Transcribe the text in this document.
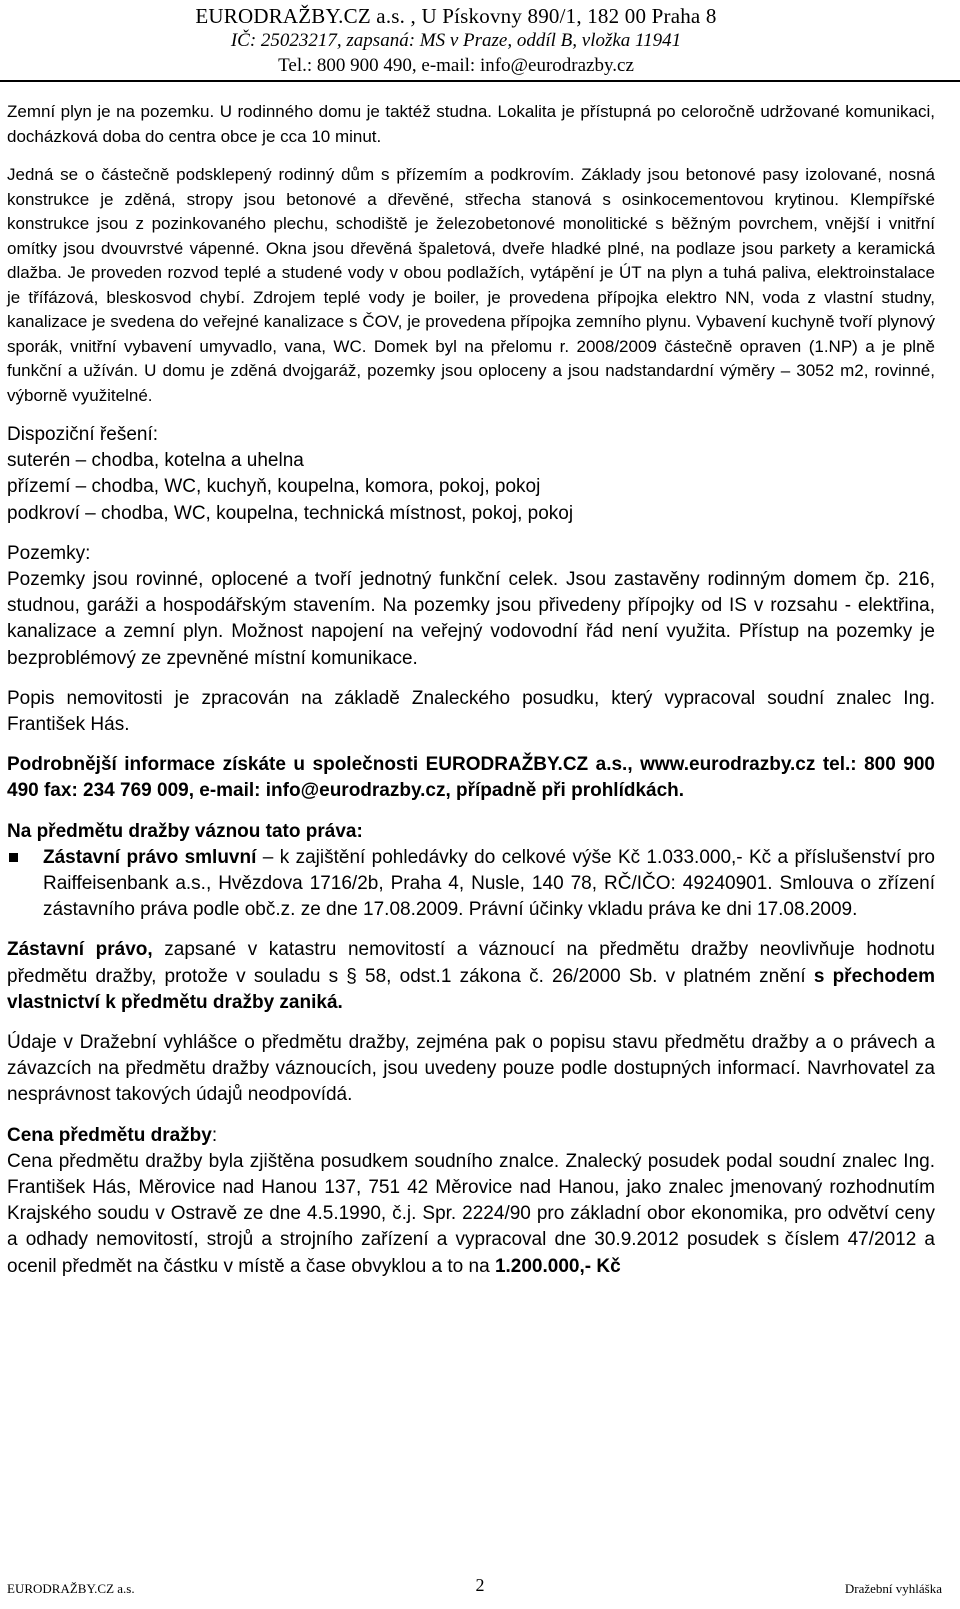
EURODRAŽBY.CZ a.s. , U Pískovny 890/1, 182 00 Praha 8
IČ: 25023217, zapsaná: MS v Praze, oddíl B, vložka 11941
Tel.: 800 900 490, e-mail: info@eurodrazby.cz

Zemní plyn je na pozemku. U rodinného domu je taktéž studna. Lokalita je přístupná po celoročně udržované komunikaci, docházková doba do centra obce je cca 10 minut.

Jedná se o částečně podsklepený rodinný dům s přízemím a podkrovím. Základy jsou betonové pasy izolované, nosná konstrukce je zděná, stropy jsou betonové a dřevěné, střecha stanová s osinkocementovou krytinou. Klempířské konstrukce jsou z pozinkovaného plechu, schodiště je železobetonové monolitické s běžným povrchem, vnější i vnitřní omítky jsou dvouvrstvé vápenné. Okna jsou dřevěná špaletová, dveře hladké plné, na podlaze jsou parkety a keramická dlažba. Je proveden rozvod teplé a studené vody v obou podlažích, vytápění je ÚT na plyn a tuhá paliva, elektroinstalace je třífázová, bleskosvod chybí. Zdrojem teplé vody je boiler, je provedena přípojka elektro NN, voda z vlastní studny, kanalizace je svedena do veřejné kanalizace s ČOV, je provedena přípojka zemního plynu. Vybavení kuchyně tvoří plynový sporák, vnitřní vybavení umyvadlo, vana, WC. Domek byl na přelomu r. 2008/2009 částečně opraven (1.NP) a je plně funkční a užíván. U domu je zděná dvojgaráž, pozemky jsou oploceny a jsou nadstandardní výměry – 3052 m2, rovinné, výborně využitelné.

Dispoziční řešení:

suterén – chodba, kotelna a uhelna

přízemí – chodba, WC, kuchyň, koupelna, komora, pokoj, pokoj

podkroví – chodba, WC, koupelna, technická místnost, pokoj, pokoj

Pozemky:

Pozemky jsou rovinné, oplocené a tvoří jednotný funkční celek. Jsou zastavěny rodinným domem čp. 216, studnou, garáži a hospodářským stavením. Na pozemky jsou přivedeny přípojky od IS v rozsahu - elektřina, kanalizace a zemní plyn. Možnost napojení na veřejný vodovodní řád není využita. Přístup na pozemky je bezproblémový ze zpevněné místní komunikace.

Popis nemovitosti je zpracován na základě Znaleckého posudku, který vypracoval soudní znalec Ing. František Hás.

Podrobnější informace získáte u společnosti EURODRAŽBY.CZ a.s., www.eurodrazby.cz tel.: 800 900 490 fax: 234 769 009, e-mail: info@eurodrazby.cz, případně při prohlídkách.

Na předmětu dražby váznou tato práva:

Zástavní právo smluvní – k zajištění pohledávky do celkové výše Kč 1.033.000,- Kč a příslušenství pro Raiffeisenbank a.s., Hvězdova 1716/2b, Praha 4, Nusle, 140 78, RČ/IČO: 49240901. Smlouva o zřízení zástavního práva podle obč.z. ze dne 17.08.2009. Právní účinky vkladu práva ke dni 17.08.2009.

Zástavní právo, zapsané v katastru nemovitostí a váznoucí na předmětu dražby neovlivňuje hodnotu předmětu dražby, protože v souladu s § 58, odst.1 zákona č. 26/2000 Sb. v platném znění s přechodem vlastnictví k předmětu dražby zaniká.

Údaje v Dražební vyhlášce o předmětu dražby, zejména pak o popisu stavu předmětu dražby a o právech a závazcích na předmětu dražby váznoucích, jsou uvedeny pouze podle dostupných informací. Navrhovatel za nesprávnost takových údajů neodpovídá.

Cena předmětu dražby:

Cena předmětu dražby byla zjištěna posudkem soudního znalce. Znalecký posudek podal soudní znalec Ing. František Hás, Měrovice nad Hanou 137, 751 42 Měrovice nad Hanou, jako znalec jmenovaný rozhodnutím Krajského soudu v Ostravě ze dne 4.5.1990, č.j. Spr. 2224/90 pro základní obor ekonomika, pro odvětví ceny a odhady nemovitostí, strojů a strojního zařízení a vypracoval dne 30.9.2012 posudek s číslem 47/2012 a ocenil předmět na částku v místě a čase obvyklou a to na 1.200.000,- Kč

EURODRAŽBY.CZ a.s.	2	Dražební vyhláška
